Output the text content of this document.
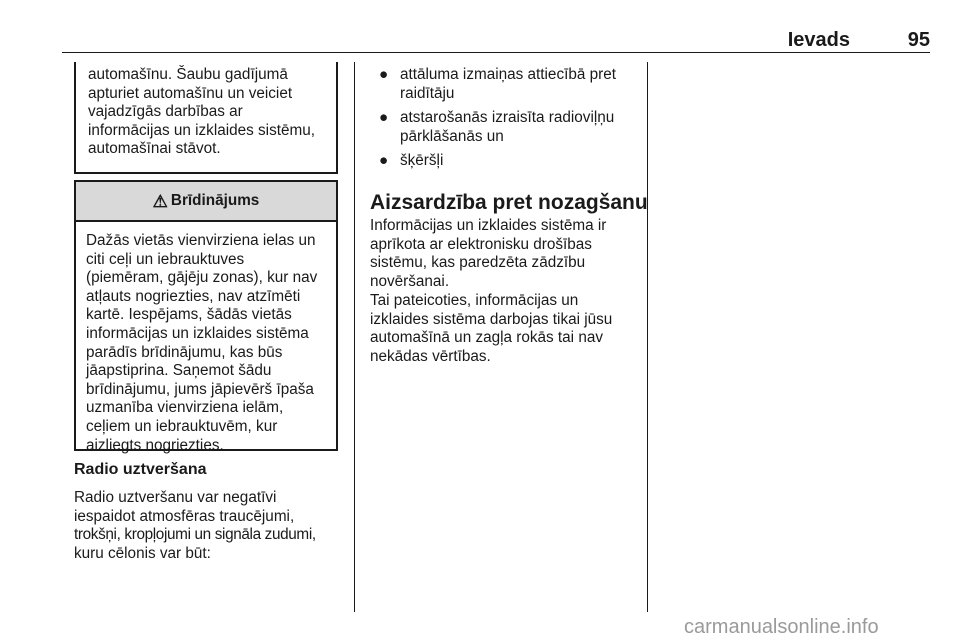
Ievads	95

automašīnu. Šaubu gadījumā
apturiet automašīnu un veiciet
vajadzīgās darbības ar
informācijas un izklaides sistēmu,
automašīnai stāvot.

⚠ Brīdinājums

Dažās vietās vienvirziena ielas un
citi ceļi un iebrauktuves
(piemēram, gājēju zonas), kur nav
atļauts nogriezties, nav atzīmēti
kartē. Iespējams, šādās vietās
informācijas un izklaides sistēma
parādīs brīdinājumu, kas būs
jāapstiprina. Saņemot šādu
brīdinājumu, jums jāpievērš īpaša
uzmanība vienvirziena ielām,
ceļiem un iebrauktuvēm, kur
aizliegts nogriezties.

Radio uztveršana

Radio uztveršanu var negatīvi
iespaidot atmosfēras traucējumi,
trokšņi, kropļojumi un signāla zudumi,
kuru cēlonis var būt:

● attāluma izmaiņas attiecībā pret
raidītāju
● atstarošanās izraisīta radioviļņu
pārklāšanās un
● šķēršļi
Aizsardzība pret nozagšanu

Informācijas un izklaides sistēma ir
aprīkota ar elektronisku drošības
sistēmu, kas paredzēta zādzību
novēršanai.

Tai pateicoties, informācijas un
izklaides sistēma darbojas tikai jūsu
automašīnā un zagļa rokās tai nav
nekādas vērtības.

carmanualsonline.info
